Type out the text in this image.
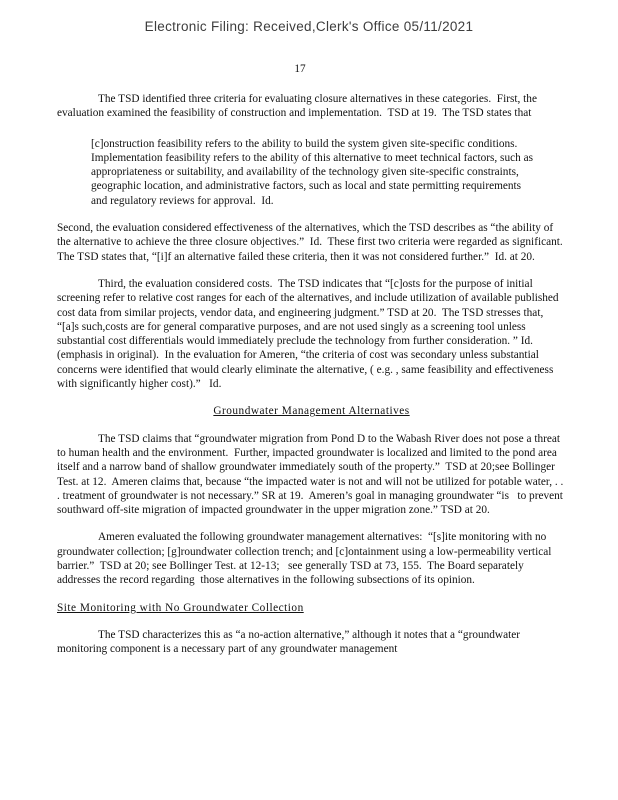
Electronic Filing: Received,Clerk's Office 05/11/2021
17

The TSD identified three criteria for evaluating closure alternatives in these categories.  First, the evaluation examined the feasibility of construction and implementation.  TSD at 19.  The TSD states that

[c]onstruction feasibility refers to the ability to build the system given site-specific conditions.  Implementation feasibility refers to the ability of this alternative to meet technical factors, such as appropriateness or suitability, and availability of the technology given site-specific constraints, geographic location, and administrative factors, such as local and state permitting requirements and regulatory reviews for approval.  Id.

Second, the evaluation considered effectiveness of the alternatives, which the TSD describes as “the ability of the alternative to achieve the three closure objectives.”  Id.  These first two criteria were regarded as significant.  The TSD states that, “[i]f an alternative failed these criteria, then it was not considered further.”  Id. at 20.

Third, the evaluation considered costs.  The TSD indicates that “[c]osts for the purpose of initial screening refer to relative cost ranges for each of the alternatives, and include utilization of available published cost data from similar projects, vendor data, and engineering judgment.” TSD at 20.  The TSD stresses that, “[a]s such,costs are for general comparative purposes, and are not used singly as a screening tool unless substantial cost differentials would immediately preclude the technology from further consideration. ” Id. (emphasis in original).  In the evaluation for Ameren, “the criteria of cost was secondary unless substantial concerns were identified that would clearly eliminate the alternative, ( e.g. , same feasibility and effectiveness with significantly higher cost).”   Id.

Groundwater Management Alternatives

The TSD claims that “groundwater migration from Pond D to the Wabash River does not pose a threat to human health and the environment.  Further, impacted groundwater is localized and limited to the pond area itself and a narrow band of shallow groundwater immediately south of the property.”  TSD at 20;see Bollinger Test. at 12.  Ameren claims that, because “the impacted water is not and will not be utilized for potable water, . . . treatment of groundwater is not necessary.” SR at 19.  Ameren’s goal in managing groundwater “is   to prevent southward off-site migration of impacted groundwater in the upper migration zone.” TSD at 20.

Ameren evaluated the following groundwater management alternatives:  “[s]ite monitoring with no groundwater collection; [g]roundwater collection trench; and [c]ontainment using a low-permeability vertical barrier.”  TSD at 20; see Bollinger Test. at 12-13;   see generally TSD at 73, 155.  The Board separately addresses the record regarding  those alternatives in the following subsections of its opinion.

Site Monitoring with No Groundwater Collection

The TSD characterizes this as “a no-action alternative,” although it notes that a “groundwater monitoring component is a necessary part of any groundwater management
